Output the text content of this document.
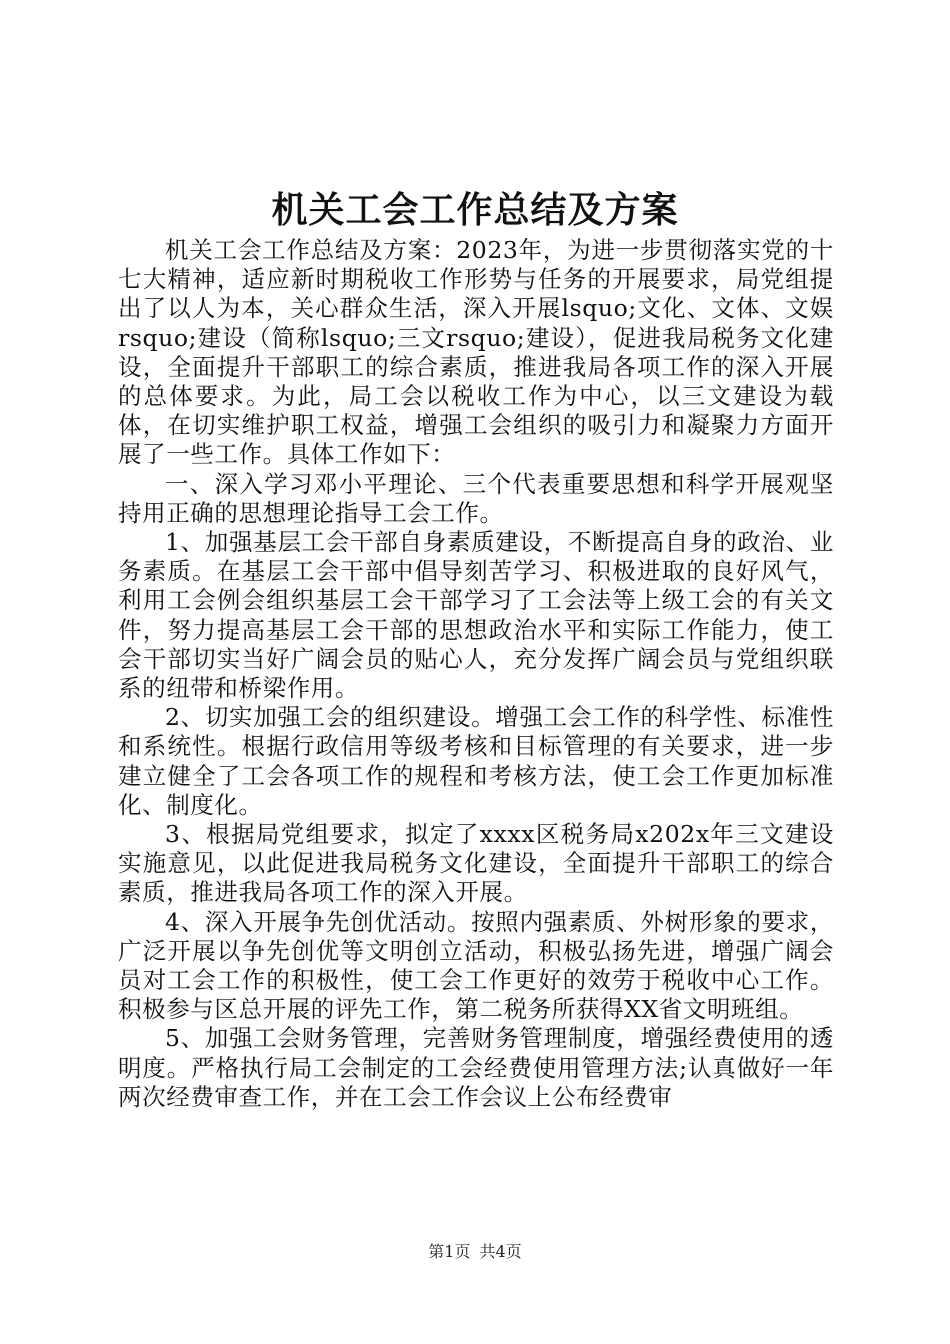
机关工会工作总结及方案

机关工会工作总结及方案：2023年，为进一步贯彻落实党的十七大精神，适应新时期税收工作形势与任务的开展要求，局党组提出了以人为本，关心群众生活，深入开展lsquo;文化、文体、文娱rsquo;建设（简称lsquo;三文rsquo;建设），促进我局税务文化建设，全面提升干部职工的综合素质，推进我局各项工作的深入开展的总体要求。为此，局工会以税收工作为中心，以三文建设为载体，在切实维护职工权益，增强工会组织的吸引力和凝聚力方面开展了一些工作。具体工作如下：

一、深入学习邓小平理论、三个代表重要思想和科学开展观坚持用正确的思想理论指导工会工作。

1、加强基层工会干部自身素质建设，不断提高自身的政治、业务素质。在基层工会干部中倡导刻苦学习、积极进取的良好风气，利用工会例会组织基层工会干部学习了工会法等上级工会的有关文件，努力提高基层工会干部的思想政治水平和实际工作能力，使工会干部切实当好广阔会员的贴心人，充分发挥广阔会员与党组织联系的纽带和桥梁作用。

2、切实加强工会的组织建设。增强工会工作的科学性、标准性和系统性。根据行政信用等级考核和目标管理的有关要求，进一步建立健全了工会各项工作的规程和考核方法，使工会工作更加标准化、制度化。

3、根据局党组要求，拟定了xxxx区税务局x202x年三文建设实施意见，以此促进我局税务文化建设，全面提升干部职工的综合素质，推进我局各项工作的深入开展。

4、深入开展争先创优活动。按照内强素质、外树形象的要求，广泛开展以争先创优等文明创立活动，积极弘扬先进，增强广阔会员对工会工作的积极性，使工会工作更好的效劳于税收中心工作。积极参与区总开展的评先工作，第二税务所获得XX省文明班组。

5、加强工会财务管理，完善财务管理制度，增强经费使用的透明度。严格执行局工会制定的工会经费使用管理方法;认真做好一年两次经费审查工作，并在工会工作会议上公布经费审

第1页 共4页
